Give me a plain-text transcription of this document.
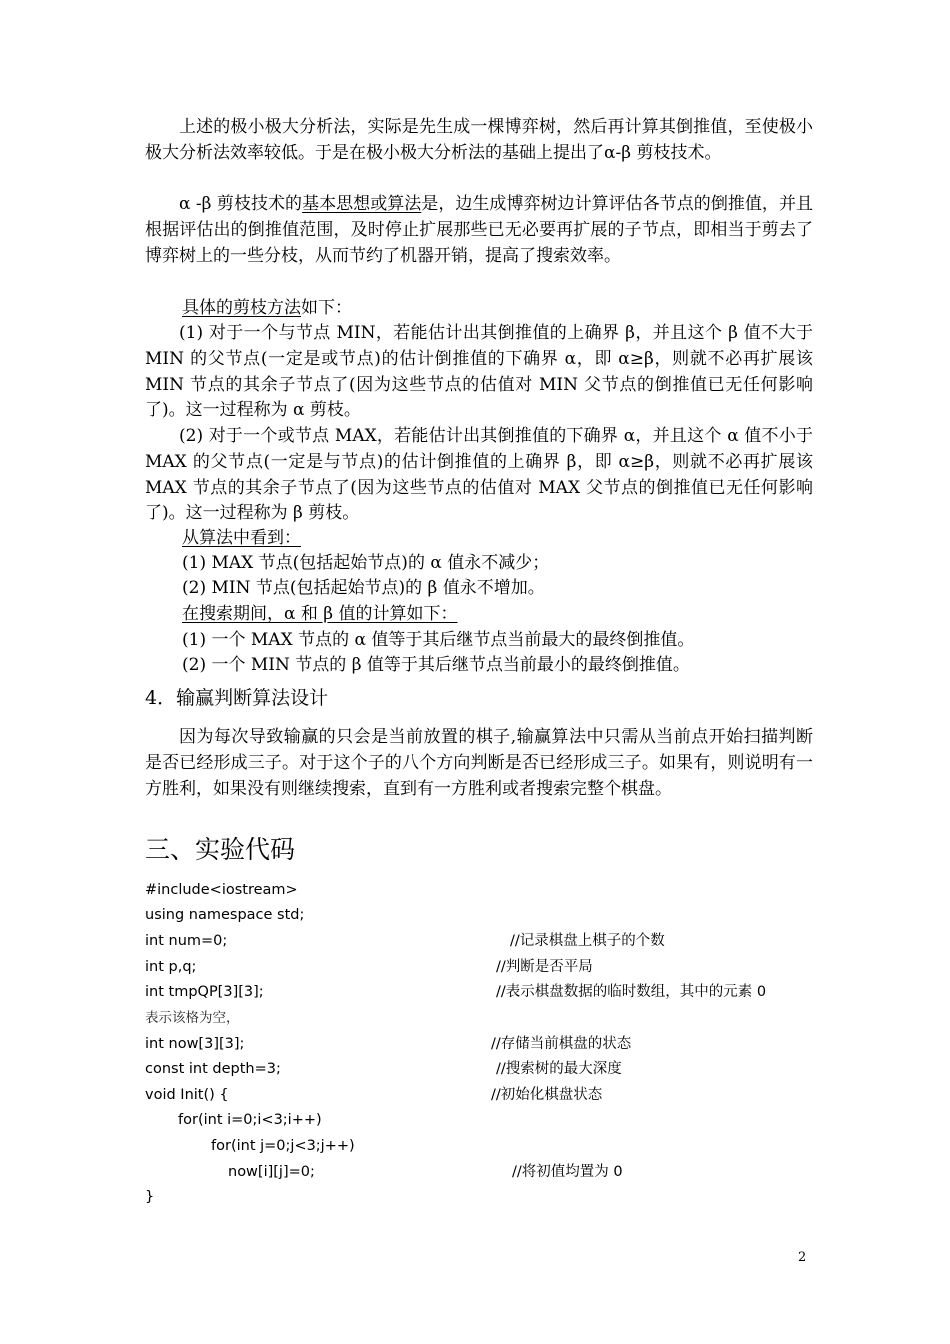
上述的极小极大分析法，实际是先生成一棵博弈树，然后再计算其倒推值，至使极小极大分析法效率较低。于是在极小极大分析法的基础上提出了α-β 剪枝技术。

α -β 剪枝技术的基本思想或算法是，边生成博弈树边计算评估各节点的倒推值，并且根据评估出的倒推值范围，及时停止扩展那些已无必要再扩展的子节点，即相当于剪去了博弈树上的一些分枝，从而节约了机器开销，提高了搜索效率。

具体的剪枝方法如下：

(1) 对于一个与节点 MIN，若能估计出其倒推值的上确界 β，并且这个 β 值不大于 MIN 的父节点(一定是或节点)的估计倒推值的下确界 α，即 α≥β，则就不必再扩展该 MIN 节点的其余子节点了(因为这些节点的估值对 MIN 父节点的倒推值已无任何影响了)。这一过程称为 α 剪枝。

(2) 对于一个或节点 MAX，若能估计出其倒推值的下确界 α，并且这个 α 值不小于 MAX 的父节点(一定是与节点)的估计倒推值的上确界 β，即 α≥β，则就不必再扩展该 MAX 节点的其余子节点了(因为这些节点的估值对 MAX 父节点的倒推值已无任何影响 了)。这一过程称为 β 剪枝。

从算法中看到：
(1) MAX 节点(包括起始节点)的 α 值永不减少；
(2) MIN 节点(包括起始节点)的 β 值永不增加。
在搜索期间，α 和 β 值的计算如下：
(1) 一个 MAX 节点的 α 值等于其后继节点当前最大的最终倒推值。
(2) 一个 MIN 节点的 β 值等于其后继节点当前最小的最终倒推值。
4．输赢判断算法设计

因为每次导致输赢的只会是当前放置的棋子,输赢算法中只需从当前点开始扫描判断是否已经形成三子。对于这个子的八个方向判断是否已经形成三子。如果有，则说明有一方胜利，如果没有则继续搜索，直到有一方胜利或者搜索完整个棋盘。

三、实验代码
#include<iostream>
using namespace std;
int num=0;	//记录棋盘上棋子的个数
int p,q;	//判断是否平局
int tmpQP[3][3];	//表示棋盘数据的临时数组，其中的元素 0
表示该格为空，
int now[3][3];	//存储当前棋盘的状态
const int depth=3;	//搜索树的最大深度
void Init() {	//初始化棋盘状态
for(int i=0;i<3;i++)
for(int j=0;j<3;j++)
now[i][j]=0;	//将初值均置为 0
}
2
